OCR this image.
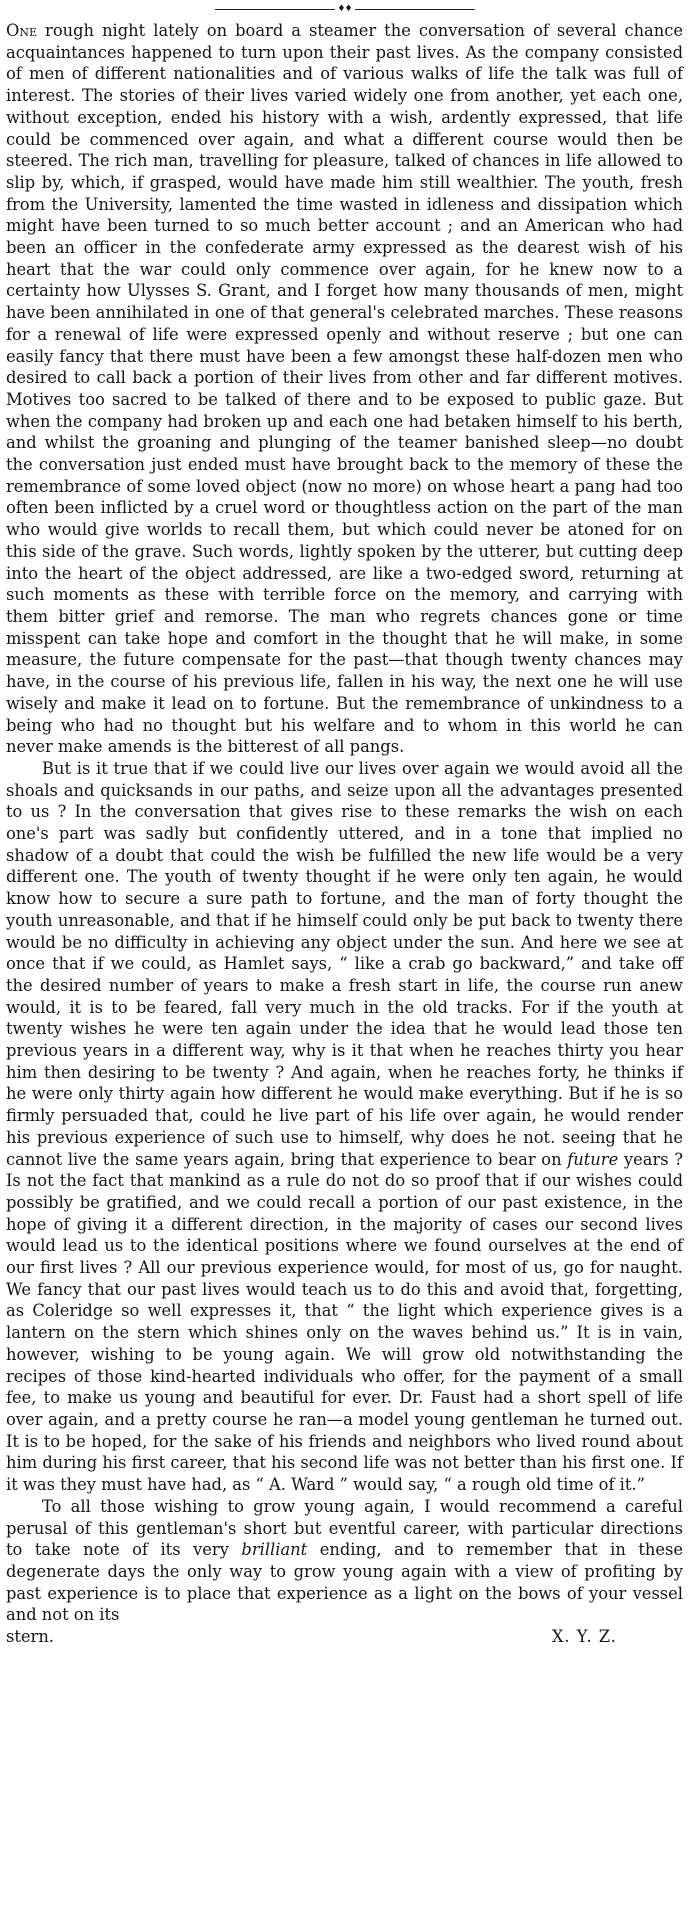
♦♦

One rough night lately on board a steamer the conversation of several chance acquaintances happened to turn upon their past lives. As the company consisted of men of different nationalities and of various walks of life the talk was full of interest. The stories of their lives varied widely one from another, yet each one, without exception, ended his history with a wish, ardently expressed, that life could be commenced over again, and what a different course would then be steered. The rich man, travelling for pleasure, talked of chances in life allowed to slip by, which, if grasped, would have made him still wealthier. The youth, fresh from the University, lamented the time wasted in idleness and dissipation which might have been turned to so much better account ; and an American who had been an officer in the confederate army expressed as the dearest wish of his heart that the war could only commence over again, for he knew now to a certainty how Ulysses S. Grant, and I forget how many thousands of men, might have been annihilated in one of that general's celebrated marches. These reasons for a renewal of life were expressed openly and without reserve ; but one can easily fancy that there must have been a few amongst these half-dozen men who desired to call back a portion of their lives from other and far different motives. Motives too sacred to be talked of there and to be exposed to public gaze. But when the company had broken up and each one had betaken himself to his berth, and whilst the groaning and plunging of the teamer banished sleep—no doubt the conversation just ended must have brought back to the memory of these the remembrance of some loved object (now no more) on whose heart a pang had too often been inflicted by a cruel word or thoughtless action on the part of the man who would give worlds to recall them, but which could never be atoned for on this side of the grave. Such words, lightly spoken by the utterer, but cutting deep into the heart of the object addressed, are like a two-edged sword, returning at such moments as these with terrible force on the memory, and carrying with them bitter grief and remorse. The man who regrets chances gone or time misspent can take hope and comfort in the thought that he will make, in some measure, the future compensate for the past—that though twenty chances may have, in the course of his previous life, fallen in his way, the next one he will use wisely and make it lead on to fortune. But the remembrance of unkindness to a being who had no thought but his welfare and to whom in this world he can never make amends is the bitterest of all pangs.

But is it true that if we could live our lives over again we would avoid all the shoals and quicksands in our paths, and seize upon all the advantages presented to us ? In the conversation that gives rise to these remarks the wish on each one's part was sadly but confidently uttered, and in a tone that implied no shadow of a doubt that could the wish be fulfilled the new life would be a very different one. The youth of twenty thought if he were only ten again, he would know how to secure a sure path to fortune, and the man of forty thought the youth unreasonable, and that if he himself could only be put back to twenty there would be no difficulty in achieving any object under the sun. And here we see at once that if we could, as Hamlet says, “ like a crab go backward,” and take off the desired number of years to make a fresh start in life, the course run anew would, it is to be feared, fall very much in the old tracks. For if the youth at twenty wishes he were ten again under the idea that he would lead those ten previous years in a different way, why is it that when he reaches thirty you hear him then desiring to be twenty ? And again, when he reaches forty, he thinks if he were only thirty again how different he would make everything. But if he is so firmly persuaded that, could he live part of his life over again, he would render his previous experience of such use to himself, why does he not. seeing that he cannot live the same years again, bring that experience to bear on future years ? Is not the fact that mankind as a rule do not do so proof that if our wishes could possibly be gratified, and we could recall a portion of our past existence, in the hope of giving it a different direction, in the majority of cases our second lives would lead us to the identical positions where we found ourselves at the end of our first lives ? All our previous experience would, for most of us, go for naught. We fancy that our past lives would teach us to do this and avoid that, forgetting, as Coleridge so well expresses it, that “ the light which experience gives is a lantern on the stern which shines only on the waves behind us.” It is in vain, however, wishing to be young again. We will grow old notwithstanding the recipes of those kind-hearted individuals who offer, for the payment of a small fee, to make us young and beautiful for ever. Dr. Faust had a short spell of life over again, and a pretty course he ran—a model young gentleman he turned out. It is to be hoped, for the sake of his friends and neighbors who lived round about him during his first career, that his second life was not better than his first one. If it was they must have had, as “ A. Ward ” would say, “ a rough old time of it.”

To all those wishing to grow young again, I would recommend a careful perusal of this gentleman's short but eventful career, with particular directions to take note of its very brilliant ending, and to remember that in these degenerate days the only way to grow young again with a view of profiting by past experience is to place that experience as a light on the bows of your vessel and not on its

stern.	X. Y. Z.
